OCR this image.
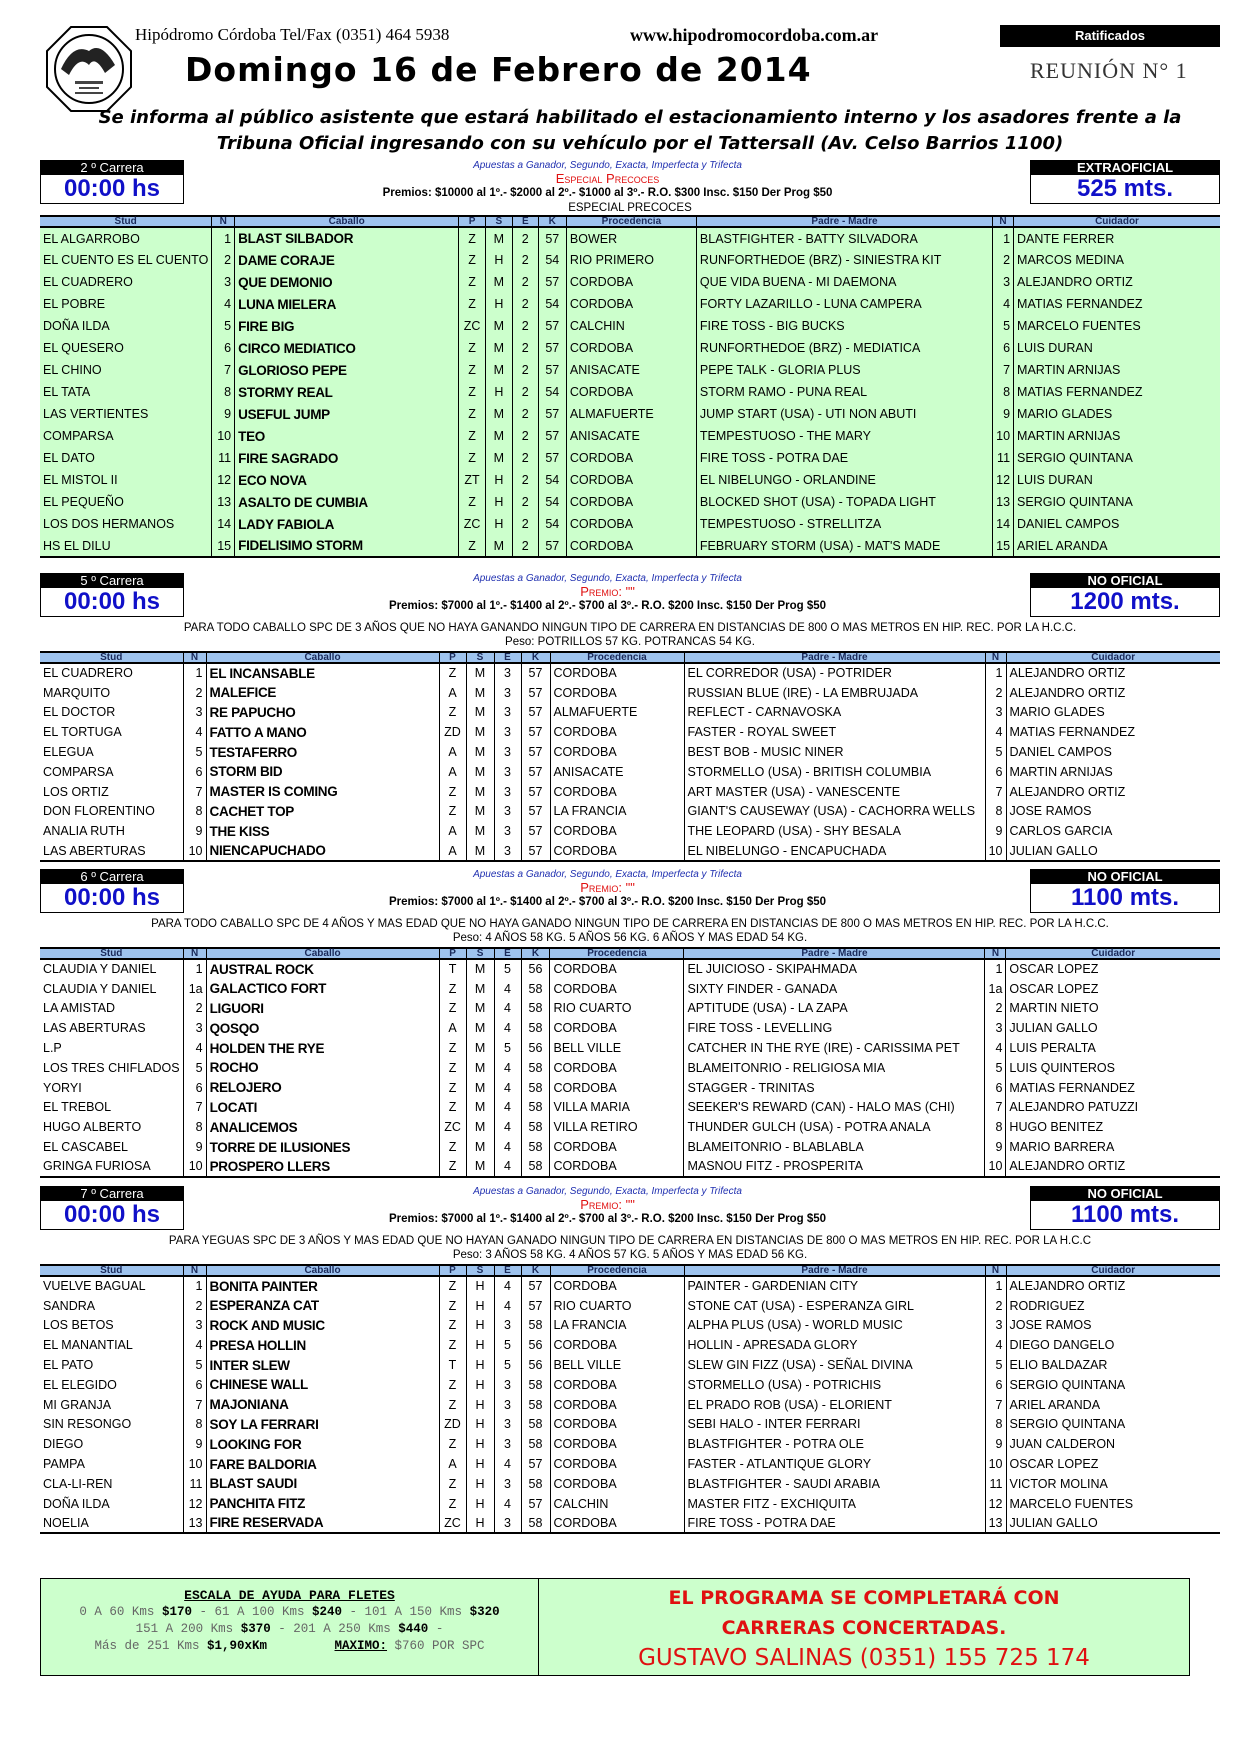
Hipódromo Córdoba Tel/Fax (0351) 464 5938	www.hipodromocordoba.com.ar	Ratificados
Domingo 16 de Febrero de 2014	REUNIÓN N° 1
Se informa al público asistente que estará habilitado el estacionamiento interno y los asadores frente a la
Tribuna Oficial ingresando con su vehículo por el Tattersall (Av. Celso Barrios 1100)
2 º Carrera
00:00 hs
Apuestas a Ganador, Segundo, Exacta, Imperfecta y Trifecta
Especial Precoces
Premios: $10000 al 1º.- $2000 al 2º.- $1000 al 3º.- R.O. $300 Insc. $150 Der Prog $50
EXTRAOFICIAL
525 mts.
ESPECIAL PRECOCES
Stud	N	Caballo	P	S	E	K	Procedencia	Padre - Madre	N	Cuidador
EL ALGARROBO	1	BLAST SILBADOR	Z	M	2	57	BOWER	BLASTFIGHTER - BATTY SILVADORA	1	DANTE FERRER
EL CUENTO ES EL CUENTO	2	DAME CORAJE	Z	H	2	54	RIO PRIMERO	RUNFORTHEDOE (BRZ) - SINIESTRA KIT	2	MARCOS MEDINA
EL CUADRERO	3	QUE DEMONIO	Z	M	2	57	CORDOBA	QUE VIDA BUENA - MI DAEMONA	3	ALEJANDRO ORTIZ
EL POBRE	4	LUNA MIELERA	Z	H	2	54	CORDOBA	FORTY LAZARILLO - LUNA CAMPERA	4	MATIAS FERNANDEZ
DOÑA ILDA	5	FIRE BIG	ZC	M	2	57	CALCHIN	FIRE TOSS - BIG BUCKS	5	MARCELO FUENTES
EL QUESERO	6	CIRCO MEDIATICO	Z	M	2	57	CORDOBA	RUNFORTHEDOE (BRZ) - MEDIATICA	6	LUIS DURAN
EL CHINO	7	GLORIOSO PEPE	Z	M	2	57	ANISACATE	PEPE TALK - GLORIA PLUS	7	MARTIN ARNIJAS
EL TATA	8	STORMY REAL	Z	H	2	54	CORDOBA	STORM RAMO - PUNA REAL	8	MATIAS FERNANDEZ
LAS VERTIENTES	9	USEFUL JUMP	Z	M	2	57	ALMAFUERTE	JUMP START (USA) - UTI NON ABUTI	9	MARIO GLADES
COMPARSA	10	TEO	Z	M	2	57	ANISACATE	TEMPESTUOSO - THE MARY	10	MARTIN ARNIJAS
EL DATO	11	FIRE SAGRADO	Z	M	2	57	CORDOBA	FIRE TOSS - POTRA DAE	11	SERGIO QUINTANA
EL MISTOL II	12	ECO NOVA	ZT	H	2	54	CORDOBA	EL NIBELUNGO - ORLANDINE	12	LUIS DURAN
EL PEQUEÑO	13	ASALTO DE CUMBIA	Z	H	2	54	CORDOBA	BLOCKED SHOT (USA) - TOPADA LIGHT	13	SERGIO QUINTANA
LOS DOS HERMANOS	14	LADY FABIOLA	ZC	H	2	54	CORDOBA	TEMPESTUOSO - STRELLITZA	14	DANIEL CAMPOS
HS EL DILU	15	FIDELISIMO STORM	Z	M	2	57	CORDOBA	FEBRUARY STORM (USA) - MAT'S MADE	15	ARIEL ARANDA
5 º Carrera
00:00 hs
Apuestas a Ganador, Segundo, Exacta, Imperfecta y Trifecta
Premio: ""
Premios: $7000 al 1º.- $1400 al 2º.- $700 al 3º.- R.O. $200 Insc. $150 Der Prog $50
NO OFICIAL
1200 mts.
PARA TODO CABALLO SPC DE 3 AÑOS QUE NO HAYA GANANDO NINGUN TIPO DE CARRERA EN DISTANCIAS DE 800 O MAS METROS EN HIP. REC. POR LA H.C.C.
Peso: POTRILLOS 57 KG. POTRANCAS 54 KG.
Stud	N	Caballo	P	S	E	K	Procedencia	Padre - Madre	N	Cuidador
EL CUADRERO	1	EL INCANSABLE	Z	M	3	57	CORDOBA	EL CORREDOR (USA) - POTRIDER	1	ALEJANDRO ORTIZ
MARQUITO	2	MALEFICE	A	M	3	57	CORDOBA	RUSSIAN BLUE (IRE) - LA EMBRUJADA	2	ALEJANDRO ORTIZ
EL DOCTOR	3	RE PAPUCHO	Z	M	3	57	ALMAFUERTE	REFLECT - CARNAVOSKA	3	MARIO GLADES
EL TORTUGA	4	FATTO A MANO	ZD	M	3	57	CORDOBA	FASTER - ROYAL SWEET	4	MATIAS FERNANDEZ
ELEGUA	5	TESTAFERRO	A	M	3	57	CORDOBA	BEST BOB - MUSIC NINER	5	DANIEL CAMPOS
COMPARSA	6	STORM BID	A	M	3	57	ANISACATE	STORMELLO (USA) - BRITISH COLUMBIA	6	MARTIN ARNIJAS
LOS ORTIZ	7	MASTER IS COMING	Z	M	3	57	CORDOBA	ART MASTER (USA) - VANESCENTE	7	ALEJANDRO ORTIZ
DON FLORENTINO	8	CACHET TOP	Z	M	3	57	LA FRANCIA	GIANT'S CAUSEWAY (USA) - CACHORRA WELLS	8	JOSE RAMOS
ANALIA RUTH	9	THE KISS	A	M	3	57	CORDOBA	THE LEOPARD (USA) - SHY BESALA	9	CARLOS GARCIA
LAS ABERTURAS	10	NIENCAPUCHADO	A	M	3	57	CORDOBA	EL NIBELUNGO - ENCAPUCHADA	10	JULIAN GALLO
6 º Carrera
00:00 hs
Apuestas a Ganador, Segundo, Exacta, Imperfecta y Trifecta
Premio: ""
Premios: $7000 al 1º.- $1400 al 2º.- $700 al 3º.- R.O. $200 Insc. $150 Der Prog $50
NO OFICIAL
1100 mts.
PARA TODO CABALLO SPC DE 4 AÑOS Y MAS EDAD QUE NO HAYA GANADO NINGUN TIPO DE CARRERA EN DISTANCIAS DE 800 O MAS METROS EN HIP. REC. POR LA H.C.C.
Peso: 4 AÑOS 58 KG. 5 AÑOS 56 KG. 6 AÑOS Y MAS EDAD 54 KG.
Stud	N	Caballo	P	S	E	K	Procedencia	Padre - Madre	N	Cuidador
CLAUDIA Y DANIEL	1	AUSTRAL ROCK	T	M	5	56	CORDOBA	EL JUICIOSO - SKIPAHMADA	1	OSCAR LOPEZ
CLAUDIA Y DANIEL	1a	GALACTICO FORT	Z	M	4	58	CORDOBA	SIXTY FINDER - GANADA	1a	OSCAR LOPEZ
LA AMISTAD	2	LIGUORI	Z	M	4	58	RIO CUARTO	APTITUDE (USA) - LA ZAPA	2	MARTIN NIETO
LAS ABERTURAS	3	QOSQO	A	M	4	58	CORDOBA	FIRE TOSS - LEVELLING	3	JULIAN GALLO
L.P	4	HOLDEN THE RYE	Z	M	5	56	BELL VILLE	CATCHER IN THE RYE (IRE) - CARISSIMA PET	4	LUIS PERALTA
LOS TRES CHIFLADOS	5	ROCHO	Z	M	4	58	CORDOBA	BLAMEITONRIO - RELIGIOSA MIA	5	LUIS QUINTEROS
YORYI	6	RELOJERO	Z	M	4	58	CORDOBA	STAGGER - TRINITAS	6	MATIAS FERNANDEZ
EL TREBOL	7	LOCATI	Z	M	4	58	VILLA MARIA	SEEKER'S REWARD (CAN) - HALO MAS (CHI)	7	ALEJANDRO PATUZZI
HUGO ALBERTO	8	ANALICEMOS	ZC	M	4	58	VILLA RETIRO	THUNDER GULCH (USA) - POTRA ANALA	8	HUGO BENITEZ
EL CASCABEL	9	TORRE DE ILUSIONES	Z	M	4	58	CORDOBA	BLAMEITONRIO - BLABLABLA	9	MARIO BARRERA
GRINGA FURIOSA	10	PROSPERO LLERS	Z	M	4	58	CORDOBA	MASNOU FITZ - PROSPERITA	10	ALEJANDRO ORTIZ
7 º Carrera
00:00 hs
Apuestas a Ganador, Segundo, Exacta, Imperfecta y Trifecta
Premio: ""
Premios: $7000 al 1º.- $1400 al 2º.- $700 al 3º.- R.O. $200 Insc. $150 Der Prog $50
NO OFICIAL
1100 mts.
PARA YEGUAS SPC DE 3 AÑOS Y MAS EDAD QUE NO HAYAN GANADO NINGUN TIPO DE CARRERA EN DISTANCIAS DE 800 O MAS METROS EN HIP. REC. POR LA H.C.C
Peso: 3 AÑOS 58 KG. 4 AÑOS 57 KG. 5 AÑOS Y MAS EDAD 56 KG.
Stud	N	Caballo	P	S	E	K	Procedencia	Padre - Madre	N	Cuidador
VUELVE BAGUAL	1	BONITA PAINTER	Z	H	4	57	CORDOBA	PAINTER - GARDENIAN CITY	1	ALEJANDRO ORTIZ
SANDRA	2	ESPERANZA CAT	Z	H	4	57	RIO CUARTO	STONE CAT (USA) - ESPERANZA GIRL	2	RODRIGUEZ
LOS BETOS	3	ROCK AND MUSIC	Z	H	3	58	LA FRANCIA	ALPHA PLUS (USA) - WORLD MUSIC	3	JOSE RAMOS
EL MANANTIAL	4	PRESA HOLLIN	Z	H	5	56	CORDOBA	HOLLIN - APRESADA GLORY	4	DIEGO DANGELO
EL PATO	5	INTER SLEW	T	H	5	56	BELL VILLE	SLEW GIN FIZZ (USA) - SEÑAL DIVINA	5	ELIO BALDAZAR
EL ELEGIDO	6	CHINESE WALL	Z	H	3	58	CORDOBA	STORMELLO (USA) - POTRICHIS	6	SERGIO QUINTANA
MI GRANJA	7	MAJONIANA	Z	H	3	58	CORDOBA	EL PRADO ROB (USA) - ELORIENT	7	ARIEL ARANDA
SIN RESONGO	8	SOY LA FERRARI	ZD	H	3	58	CORDOBA	SEBI HALO - INTER FERRARI	8	SERGIO QUINTANA
DIEGO	9	LOOKING FOR	Z	H	3	58	CORDOBA	BLASTFIGHTER - POTRA OLE	9	JUAN CALDERON
PAMPA	10	FARE BALDORIA	A	H	4	57	CORDOBA	FASTER - ATLANTIQUE GLORY	10	OSCAR LOPEZ
CLA-LI-REN	11	BLAST SAUDI	Z	H	3	58	CORDOBA	BLASTFIGHTER - SAUDI ARABIA	11	VICTOR MOLINA
DOÑA ILDA	12	PANCHITA FITZ	Z	H	4	57	CALCHIN	MASTER FITZ - EXCHIQUITA	12	MARCELO FUENTES
NOELIA	13	FIRE RESERVADA	ZC	H	3	58	CORDOBA	FIRE TOSS - POTRA DAE	13	JULIAN GALLO
ESCALA DE AYUDA PARA FLETES
0 A 60 Kms $170 - 61 A 100 Kms $240 - 101 A 150 Kms $320
151 A 200 Kms $370 - 201 A 250 Kms $440 -
Más de 251 Kms $1,90xKm	MAXIMO: $760 POR SPC
EL PROGRAMA SE COMPLETARÁ CON
CARRERAS CONCERTADAS.
GUSTAVO SALINAS (0351) 155 725 174
